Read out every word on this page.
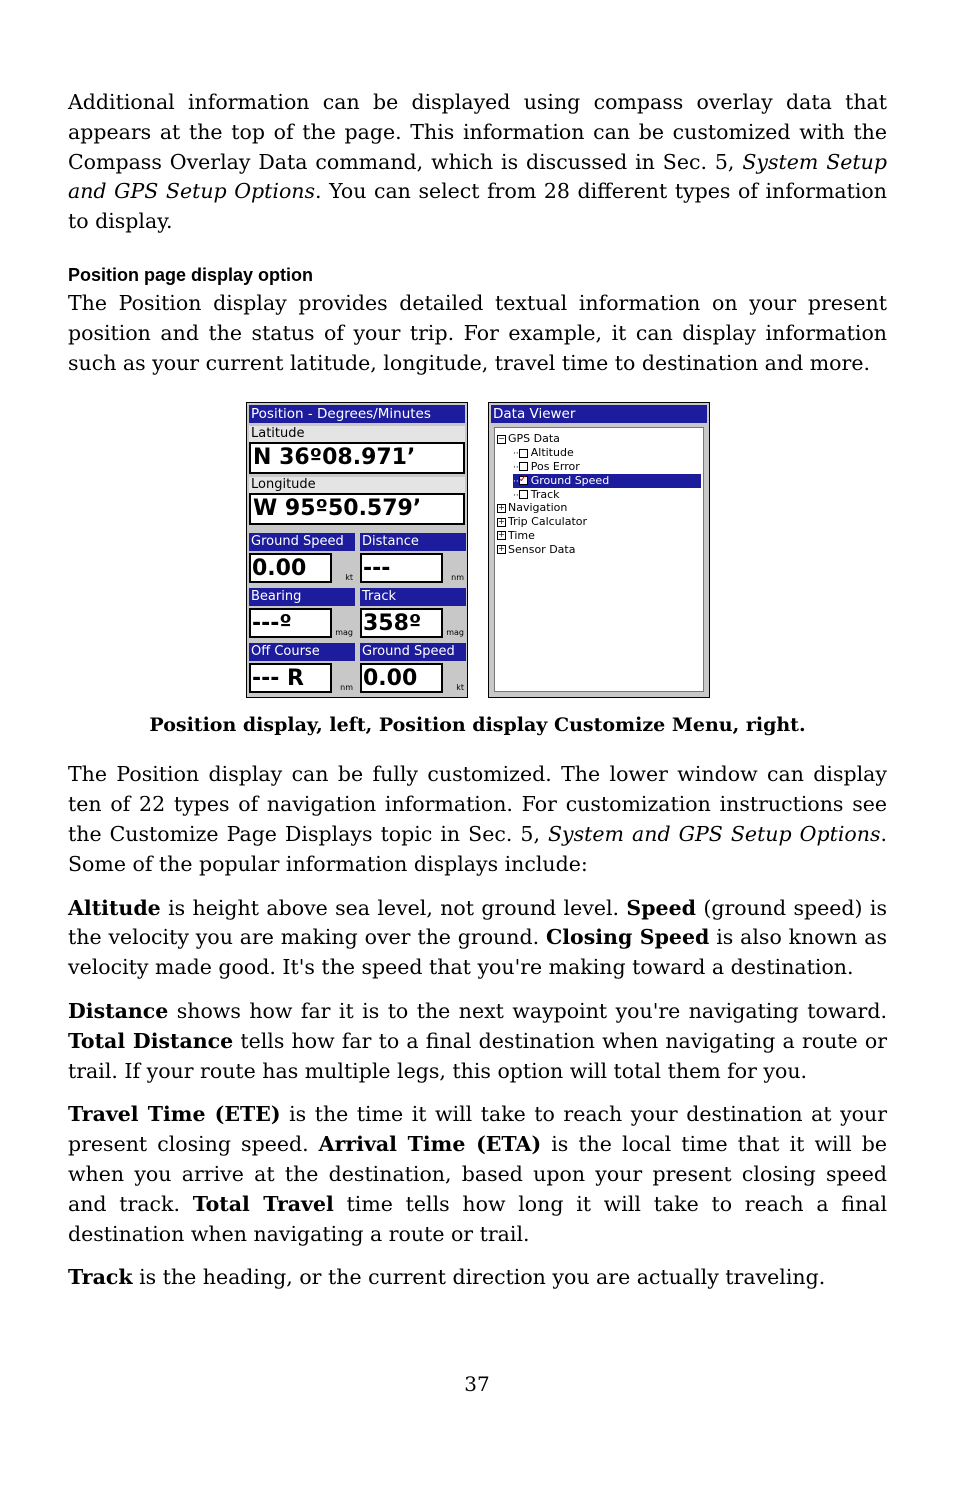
Additional information can be displayed using compass overlay data that appears at the top of the page. This information can be customized with the Compass Overlay Data command, which is discussed in Sec. 5, System Setup and GPS Setup Options. You can select from 28 different types of information to display.

Position page display option

The Position display provides detailed textual information on your present position and the status of your trip. For example, it can display information such as your current latitude, longitude, travel time to destination and more.

Position - Degrees/Minutes
Latitude
N 36º08.971’
Longitude
W 95º50.579’
Ground Speed
0.00	kt
Distance
---	nm
Bearing
---º	mag
Track
358º	mag
Off Course
--- R	nm
Ground Speed
0.00	kt
Data Viewer
− GPS Data
·· Altitude
·· Pos Error
··✓ Ground Speed
·· Track
+ Navigation
+ Trip Calculator
+ Time
+ Sensor Data
Position display, left, Position display Customize Menu, right.

The Position display can be fully customized. The lower window can display ten of 22 types of navigation information. For customization instructions see the Customize Page Displays topic in Sec. 5, System and GPS Setup Options. Some of the popular information displays include:

Altitude is height above sea level, not ground level. Speed (ground speed) is the velocity you are making over the ground. Closing Speed is also known as velocity made good. It's the speed that you're making toward a destination.

Distance shows how far it is to the next waypoint you're navigating toward. Total Distance tells how far to a final destination when navigating a route or trail. If your route has multiple legs, this option will total them for you.

Travel Time (ETE) is the time it will take to reach your destination at your present closing speed. Arrival Time (ETA) is the local time that it will be when you arrive at the destination, based upon your present closing speed and track. Total Travel time tells how long it will take to reach a final destination when navigating a route or trail.

Track is the heading, or the current direction you are actually traveling.

37
